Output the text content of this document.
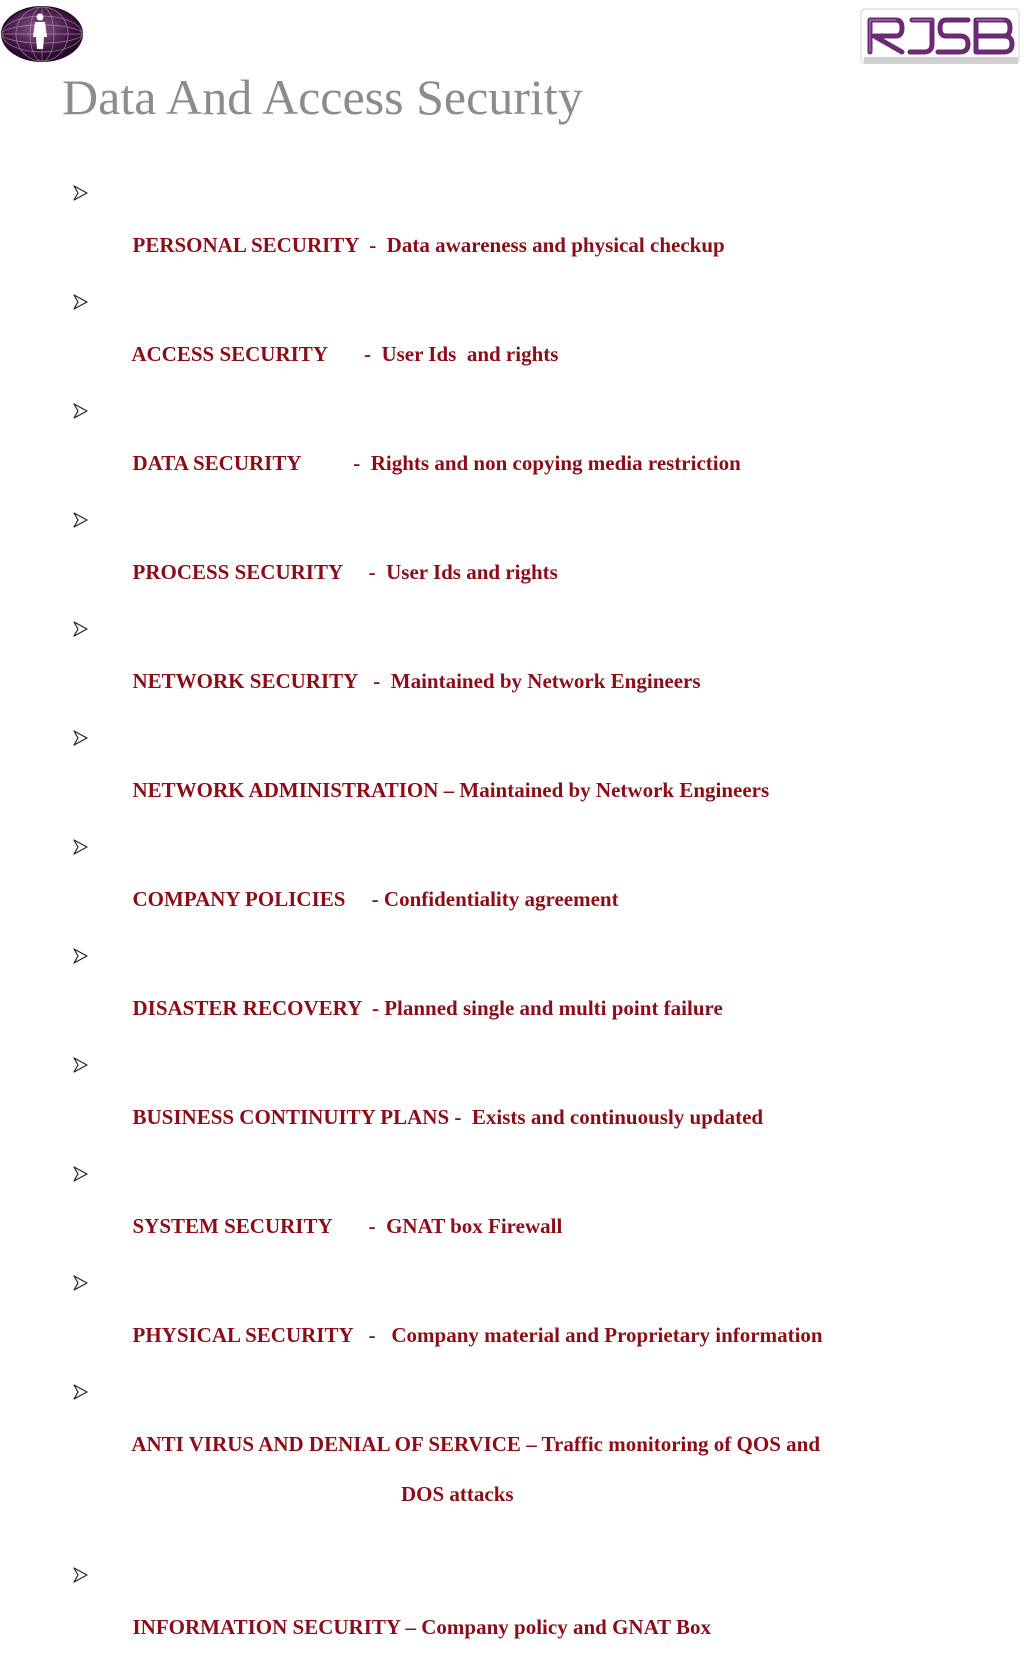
Data And Access Security

PERSONAL SECURITY  -  Data awareness and physical checkup

ACCESS SECURITY       -  User Ids  and rights

DATA SECURITY          -  Rights and non copying media restriction

PROCESS SECURITY     -  User Ids and rights

NETWORK SECURITY   -  Maintained by Network Engineers

NETWORK ADMINISTRATION – Maintained by Network Engineers

COMPANY POLICIES     - Confidentiality agreement

DISASTER RECOVERY  - Planned single and multi point failure

BUSINESS CONTINUITY PLANS -  Exists and continuously updated

SYSTEM SECURITY       -  GNAT box Firewall

PHYSICAL SECURITY   -   Company material and Proprietary information

ANTI VIRUS AND DENIAL OF SERVICE – Traffic monitoring of QOS and

DOS attacks

INFORMATION SECURITY – Company policy and GNAT Box
